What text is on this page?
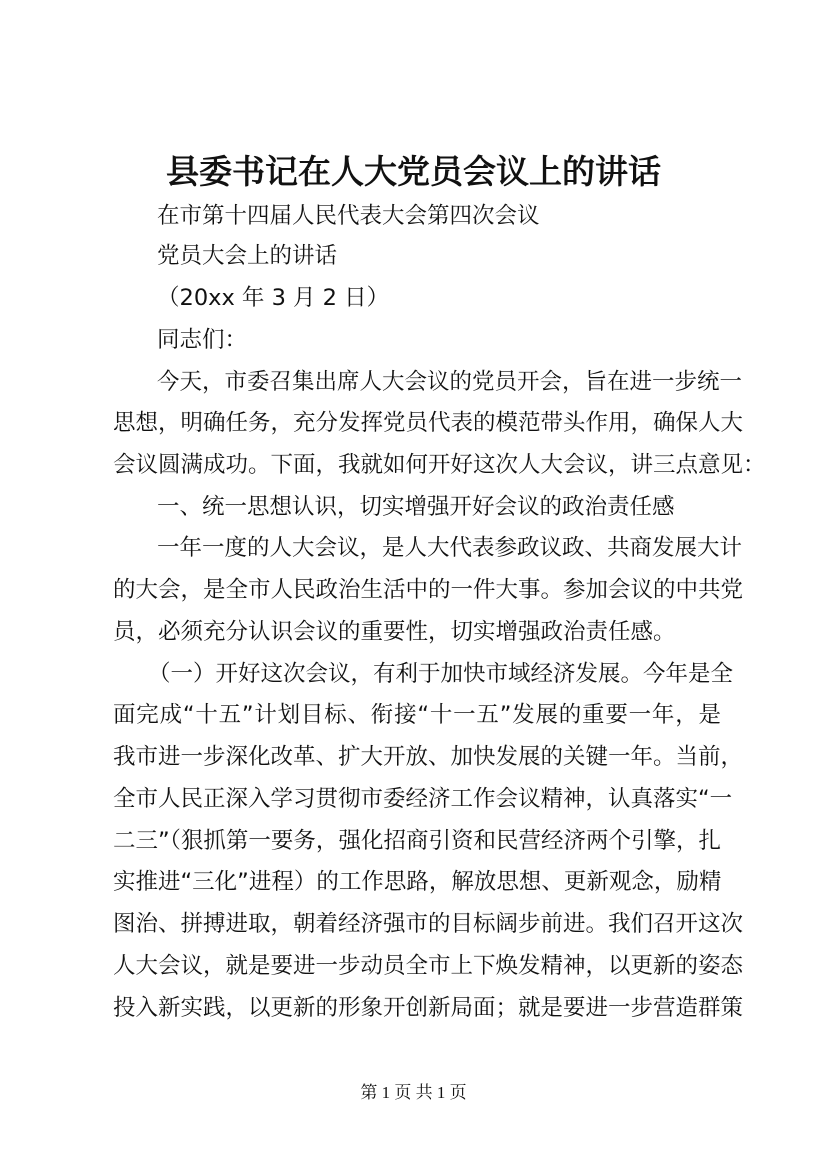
县委书记在人大党员会议上的讲话
在市第十四届人民代表大会第四次会议
党员大会上的讲话
（20xx 年 3 月 2 日）
同志们：
今天，市委召集出席人大会议的党员开会，旨在进一步统一
思想，明确任务，充分发挥党员代表的模范带头作用，确保人大
会议圆满成功。下面，我就如何开好这次人大会议，讲三点意见：
一、统一思想认识，切实增强开好会议的政治责任感
一年一度的人大会议，是人大代表参政议政、共商发展大计
的大会，是全市人民政治生活中的一件大事。参加会议的中共党
员，必须充分认识会议的重要性，切实增强政治责任感。
（一）开好这次会议，有利于加快市域经济发展。今年是全
面完成“十五”计划目标、衔接“十一五”发展的重要一年，是
我市进一步深化改革、扩大开放、加快发展的关键一年。当前，
全市人民正深入学习贯彻市委经济工作会议精神，认真落实“一
二三”（狠抓第一要务，强化招商引资和民营经济两个引擎，扎
实推进“三化”进程）的工作思路，解放思想、更新观念，励精
图治、拼搏进取，朝着经济强市的目标阔步前进。我们召开这次
人大会议，就是要进一步动员全市上下焕发精神，以更新的姿态
投入新实践，以更新的形象开创新局面；就是要进一步营造群策
第 1 页 共 1 页
